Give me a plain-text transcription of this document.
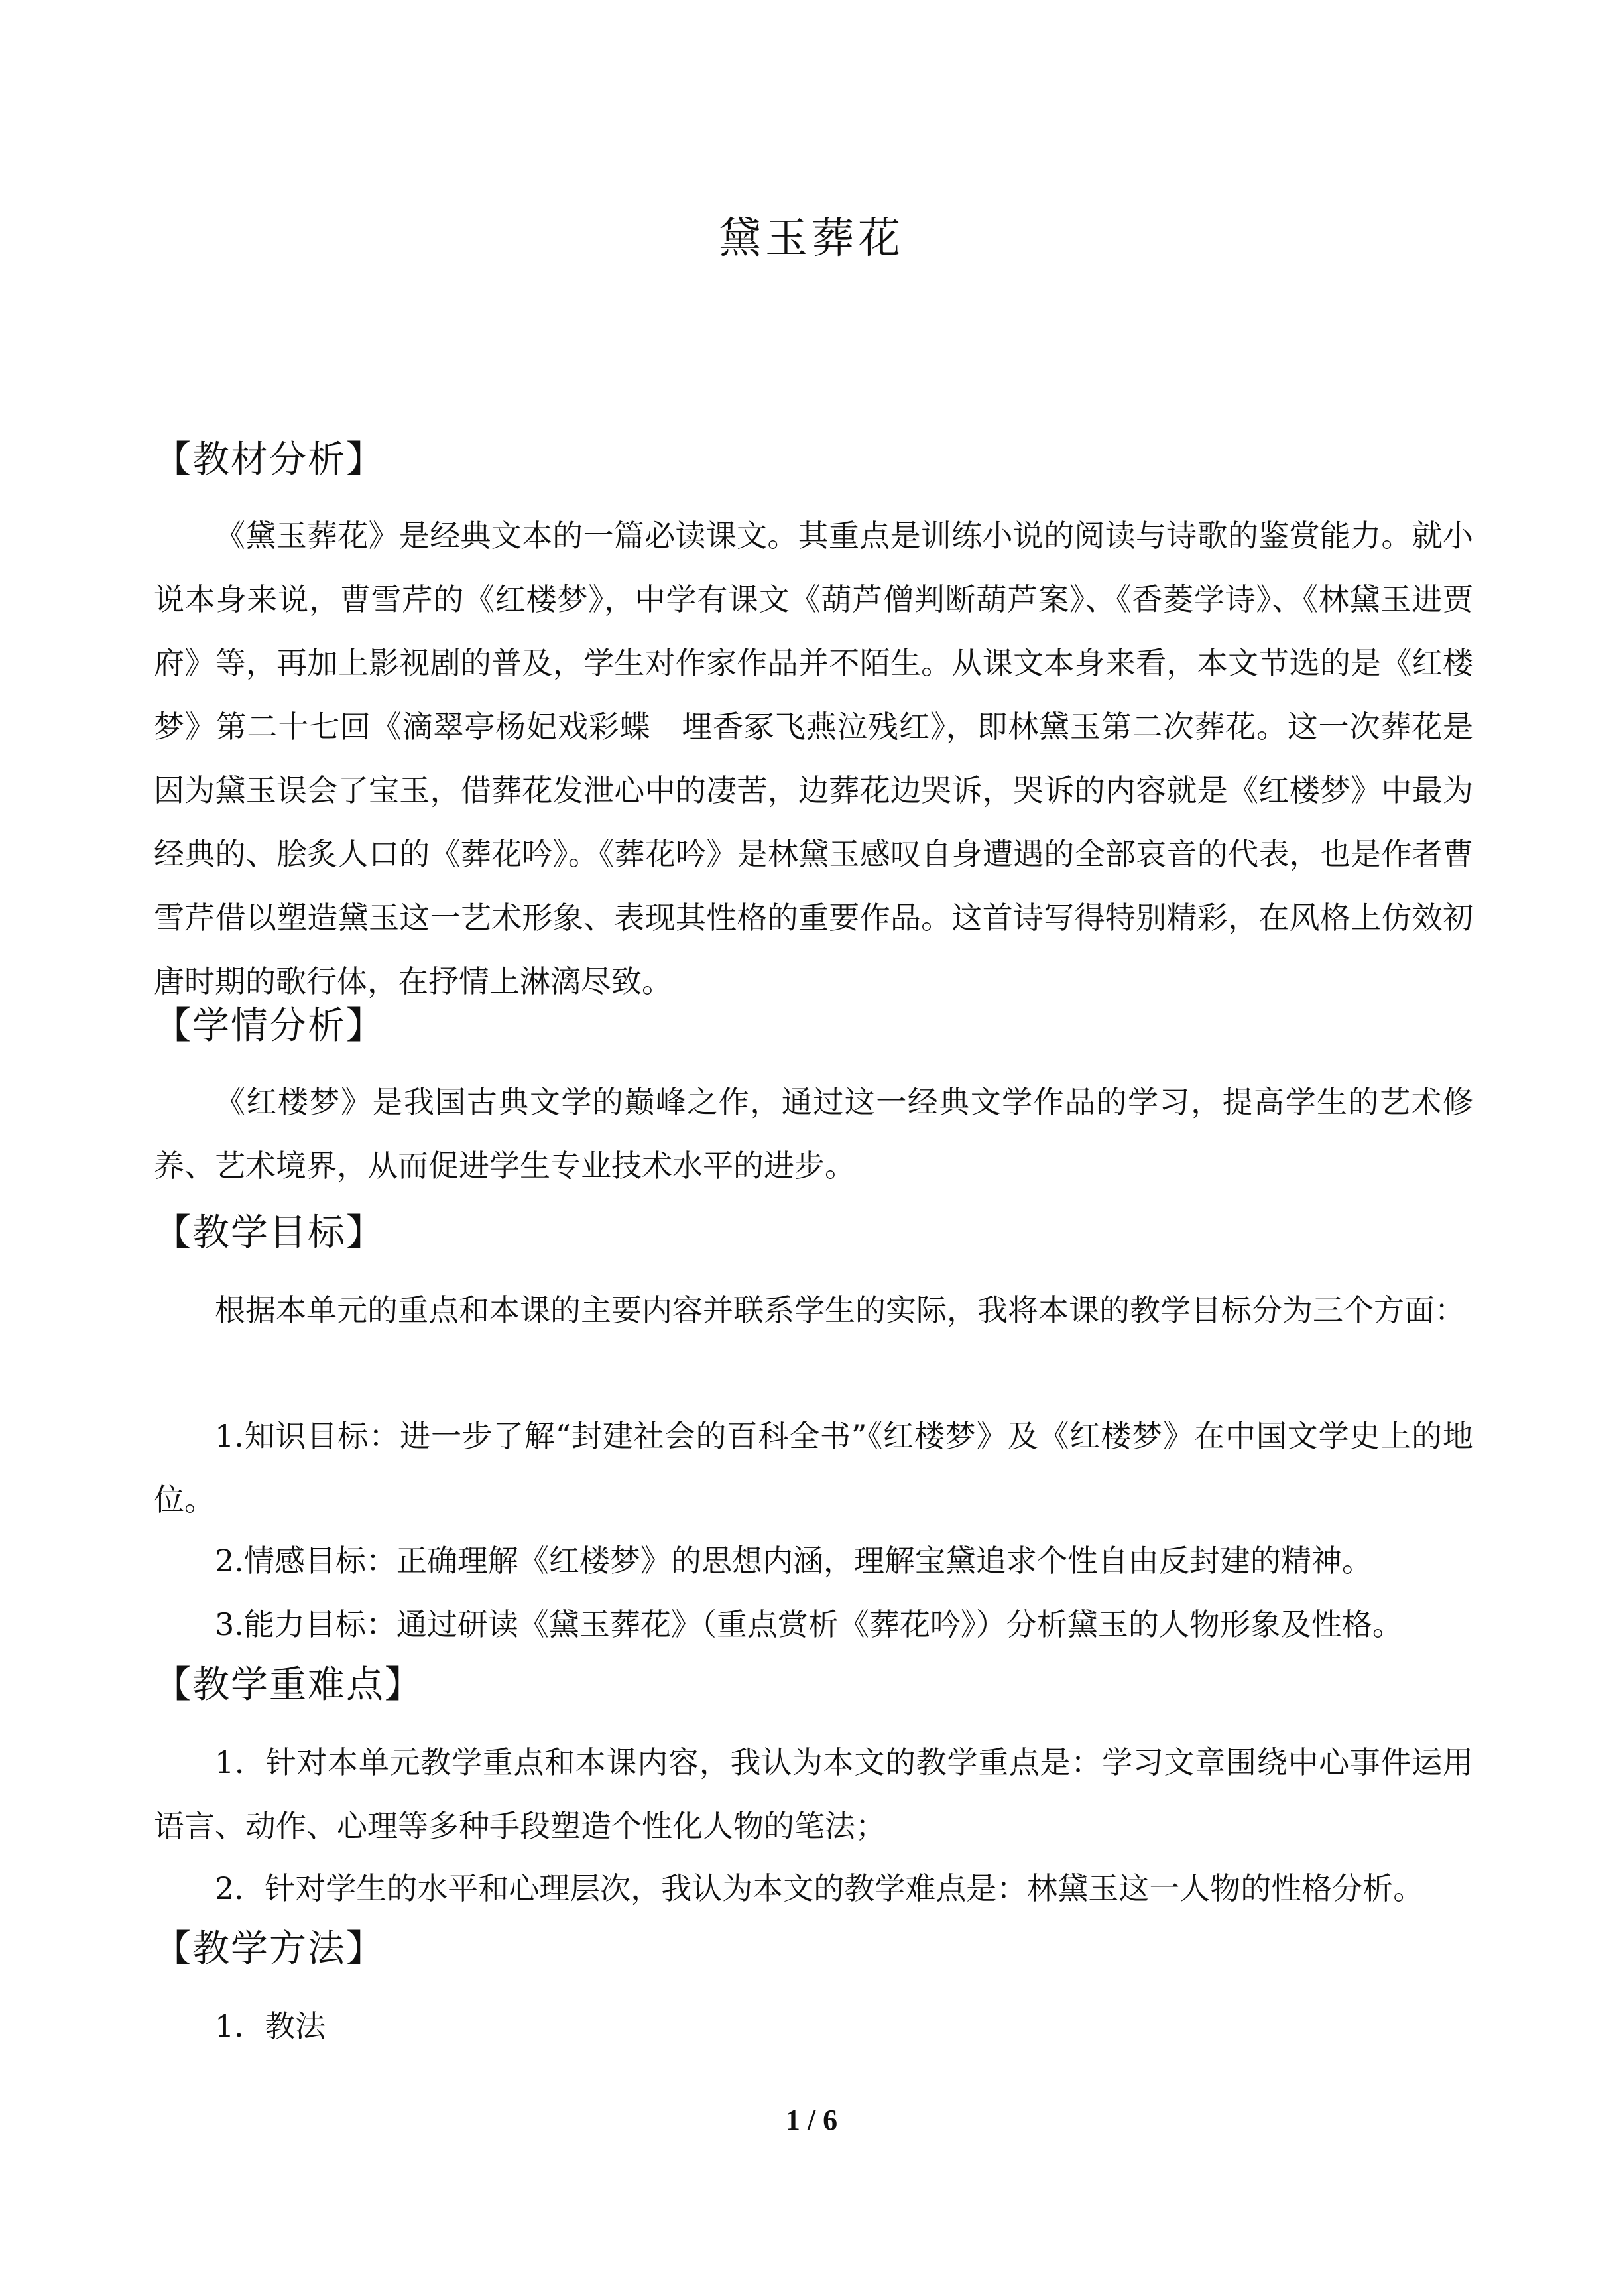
黛玉葬花
【教材分析】

《黛玉葬花》是经典文本的一篇必读课文。其重点是训练小说的阅读与诗歌的鉴赏能力。就小说本身来说，曹雪芹的《红楼梦》，中学有课文《葫芦僧判断葫芦案》、《香菱学诗》、《林黛玉进贾府》等，再加上影视剧的普及，学生对作家作品并不陌生。从课文本身来看，本文节选的是《红楼梦》第二十七回《滴翠亭杨妃戏彩蝶　埋香冢飞燕泣残红》，即林黛玉第二次葬花。这一次葬花是因为黛玉误会了宝玉，借葬花发泄心中的凄苦，边葬花边哭诉，哭诉的内容就是《红楼梦》中最为经典的、脍炙人口的《葬花吟》。《葬花吟》是林黛玉感叹自身遭遇的全部哀音的代表，也是作者曹雪芹借以塑造黛玉这一艺术形象、表现其性格的重要作品。这首诗写得特别精彩，在风格上仿效初唐时期的歌行体，在抒情上淋漓尽致。

【学情分析】

《红楼梦》是我国古典文学的巅峰之作，通过这一经典文学作品的学习，提高学生的艺术修养、艺术境界，从而促进学生专业技术水平的进步。

【教学目标】

根据本单元的重点和本课的主要内容并联系学生的实际，我将本课的教学目标分为三个方面：

1.知识目标：进一步了解“封建社会的百科全书”《红楼梦》及《红楼梦》在中国文学史上的地位。

2.情感目标：正确理解《红楼梦》的思想内涵，理解宝黛追求个性自由反封建的精神。

3.能力目标：通过研读《黛玉葬花》（重点赏析《葬花吟》）分析黛玉的人物形象及性格。

【教学重难点】

1．针对本单元教学重点和本课内容，我认为本文的教学重点是：学习文章围绕中心事件运用语言、动作、心理等多种手段塑造个性化人物的笔法；

2．针对学生的水平和心理层次，我认为本文的教学难点是：林黛玉这一人物的性格分析。

【教学方法】

1．教法

1 / 6
